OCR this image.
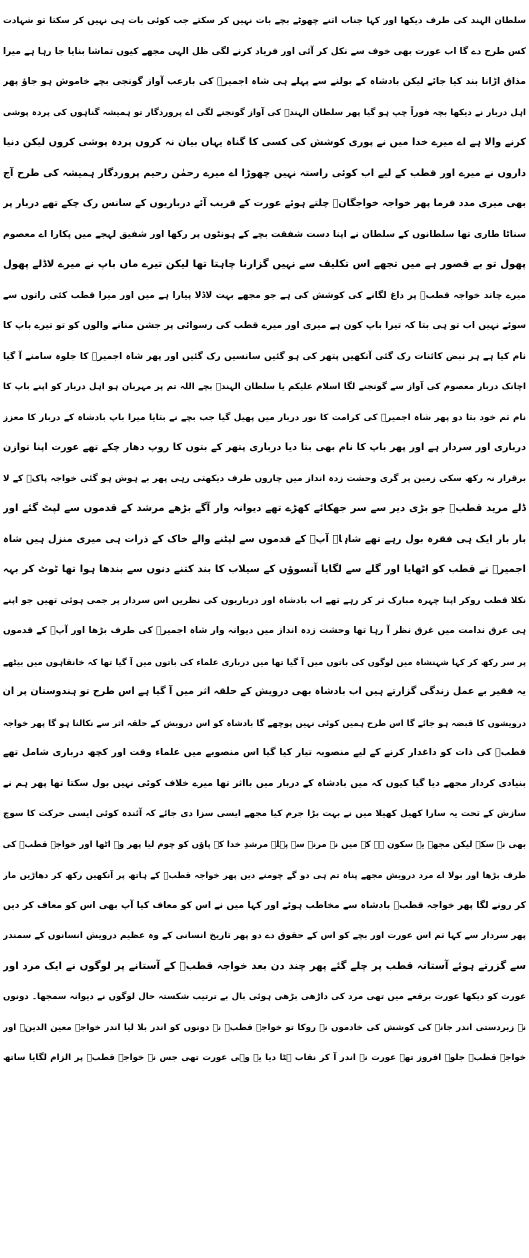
سلطان الہند کی طرف دیکھا اور کہا جناب اتنے چھوٹے بچے بات نہیں کر سکتے جب کوئی بات ہی نہیں کر سکتا تو شہادت
کس طرح دے گا اب عورت بھی خوف سے نکل کر آئی اور فریاد کرنے لگی ظل الہی مجھے کیوں تماشا بنایا جا رہا ہے میرا
مذاق اڑانا بند کیا جائے لیکن بادشاہ کے بولنے سے پہلے ہی شاہ اجمیرؒ کی بارعب آواز گونجی بچے خاموش ہو جاؤ پھر
اہل دربار نے دیکھا بچہ فوراً چپ ہو گیا پھر سلطان الہندؒ کی آواز گونجنے لگی اے پروردگار تو ہمیشہ گناہوں کی پردہ پوشی
کرنے والا ہے اے میرے خدا میں نے پوری کوشش کی کسی کا گناہ یہاں بیان نہ کروں پردہ پوشی کروں لیکن دنیا
داروں نے میرے اور قطب کے لیے اب کوئی راستہ نہیں چھوڑا اے میرے رحمٰن رحیم پروردگار ہمیشہ کی طرح آج
بھی میری مدد فرما پھر خواجہ خواجگانؒ چلتے ہوئے عورت کے قریب آئے درباریوں کے سانس رک چکے تھے دربار پر
سناٹا طاری تھا سلطانوں کے سلطان نے اپنا دست شفقت بچے کے ہونٹوں پر رکھا اور شفیق لہجے میں پکارا اے معصوم
پھول تو بے قصور ہے میں تجھے اس تکلیف سے نہیں گزارنا چاہتا تھا لیکن تیرے ماں باپ نے میرے لاڈلے پھول
میرے چاند خواجہ قطبؒ پر داغ لگانے کی کوشش کی ہے جو مجھے بہت لاڈلا پیارا ہے میں اور میرا قطب کئی راتوں سے
سوئے نہیں اب تو ہی بتا کہ تیرا باپ کون ہے میری اور میرے قطب کی رسوائی پر جشن منانے والوں کو تو تیرے باپ کا
نام کیا ہے ہر نبض کائنات رک گئی آنکھیں پتھر کی ہو گئیں سانسیں رک گئیں اور پھر شاہ اجمیرؒ کا جلوہ سامنے آ گیا
اچانک دربار معصوم کی آواز سے گونجنے لگا اسلام علیکم یا سلطان الہندؒ بچے اللہ تم پر مہربان ہو اہل دربار کو اپنے باپ کا
نام تم خود بتا دو پھر شاہ اجمیرؒ کی کرامت کا نور دربار میں پھیل گیا جب بچے نے بتایا میرا باپ بادشاہ کے دربار کا معزز
درباری اور سردار ہے اور پھر باپ کا نام بھی بتا دیا درباری پتھر کے بتوں کا روپ دھار چکے تھے عورت اپنا توازن
برقرار نہ رکھ سکی زمین پر گری وحشت زدہ انداز میں چاروں طرف دیکھتی رہی پھر بے ہوش ہو گئی خواجہ پاکؒ کے لا
ڈلے مرید قطبؒ جو بڑی دیر سے سر جھکائے کھڑے تھے دیوانہ وار آگے بڑھے مرشد کے قدموں سے لپٹ گئے اور
بار بار ایک ہی فقرہ بول رہے تھے شاہاؒ آپؒ کے قدموں سے لپٹنے والے خاک کے ذرات ہی میری منزل ہیں شاہ
اجمیرؒ نے قطب کو اٹھایا اور گلے سے لگایا آنسوؤں کے سیلاب کا بند کتنے دنوں سے بندھا ہوا تھا ٹوٹ کر بہہ
نکلا قطب روکر اپنا چہرہ مبارک تر کر رہے تھے اب بادشاہ اور درباریوں کی نظریں اس سردار پر جمی ہوئی تھیں جو اپنے
ہی عرق ندامت میں غرق نظر آ رہا تھا وحشت زدہ انداز میں دیوانہ وار شاہ اجمیرؒ کی طرف بڑھا اور آپؒ کے قدموں
پر سر رکھ کر کہا شہنشاہ میں لوگوں کی باتوں میں آ گیا تھا میں درباری علماء کی باتوں میں آ گیا تھا کہ خانقاہوں میں بیٹھے
یہ فقیر بے عمل زندگی گزارتے ہیں اب بادشاہ بھی درویش کے حلقہ اثر میں آ گیا ہے اس طرح تو ہندوستان پر ان
درویشوں کا قبضہ ہو جائے گا اس طرح ہمیں کوئی نہیں پوچھے گا بادشاہ کو اس درویش کے حلقہ اثر سے نکالنا ہو گا پھر خواجہ
قطبؒ کی ذات کو داغدار کرنے کے لیے منصوبہ تیار کیا گیا اس منصوبے میں علماء وقت اور کچھ درباری شامل تھے
بنیادی کردار مجھے دیا گیا کیوں کہ میں بادشاہ کے دربار میں بااثر تھا میرے خلاف کوئی نہیں بول سکتا تھا پھر ہم نے
سازش کے تحت یہ سارا کھیل کھیلا میں نے بہت بڑا جرم کیا مجھے ایسی سزا دی جائے کہ آئندہ کوئی ایسی حرکت کا سوچ
بھی نہ سکے لیکن مجھے یہ سکون ہے کہ میں نے مرنے سے پہلے مرشدِ خدا کے پاؤں کو چوم لیا پھر وہ اٹھا اور خواجہ قطبؒ کی
طرف بڑھا اور بولا اے مرد درویش مجھے پناہ تم ہی دو گے چومنے دیں پھر خواجہ قطبؒ کے ہاتھ پر آنکھیں رکھ کر دھاڑیں مار
کر رونے لگا پھر خواجہ قطبؒ بادشاہ سے مخاطب ہوئے اور کہا میں نے اس کو معاف کیا آپ بھی اس کو معاف کر دیں
پھر سردار سے کہا تم اس عورت اور بچے کو اس کے حقوق دے دو پھر تاریخ انسانی کے وہ عظیم درویش انسانوں کے سمندر
سے گزرتے ہوئے آستانہ قطب پر چلے گئے پھر چند دن بعد خواجہ قطبؒ کے آستانے پر لوگوں نے ایک مرد اور
عورت کو دیکھا عورت برقعے میں تھی مرد کی داڑھی بڑھی ہوئی بال بے ترتیب شکستہ حال لوگوں نے دیوانہ سمجھا۔ دونوں
نے زبردستی اندر جانے کی کوشش کی خادموں نے روکا تو خواجہ قطبؒ نے دونوں کو اندر بلا لیا اندر خواجہ معین الدینؒ اور
خواجہ قطبؒ جلوہ افروز تھے عورت نے اندر آ کر نقاب ہٹا دیا یہ وہی عورت تھی جس نے خواجہ قطبؒ پر الزام لگایا ساتھ
